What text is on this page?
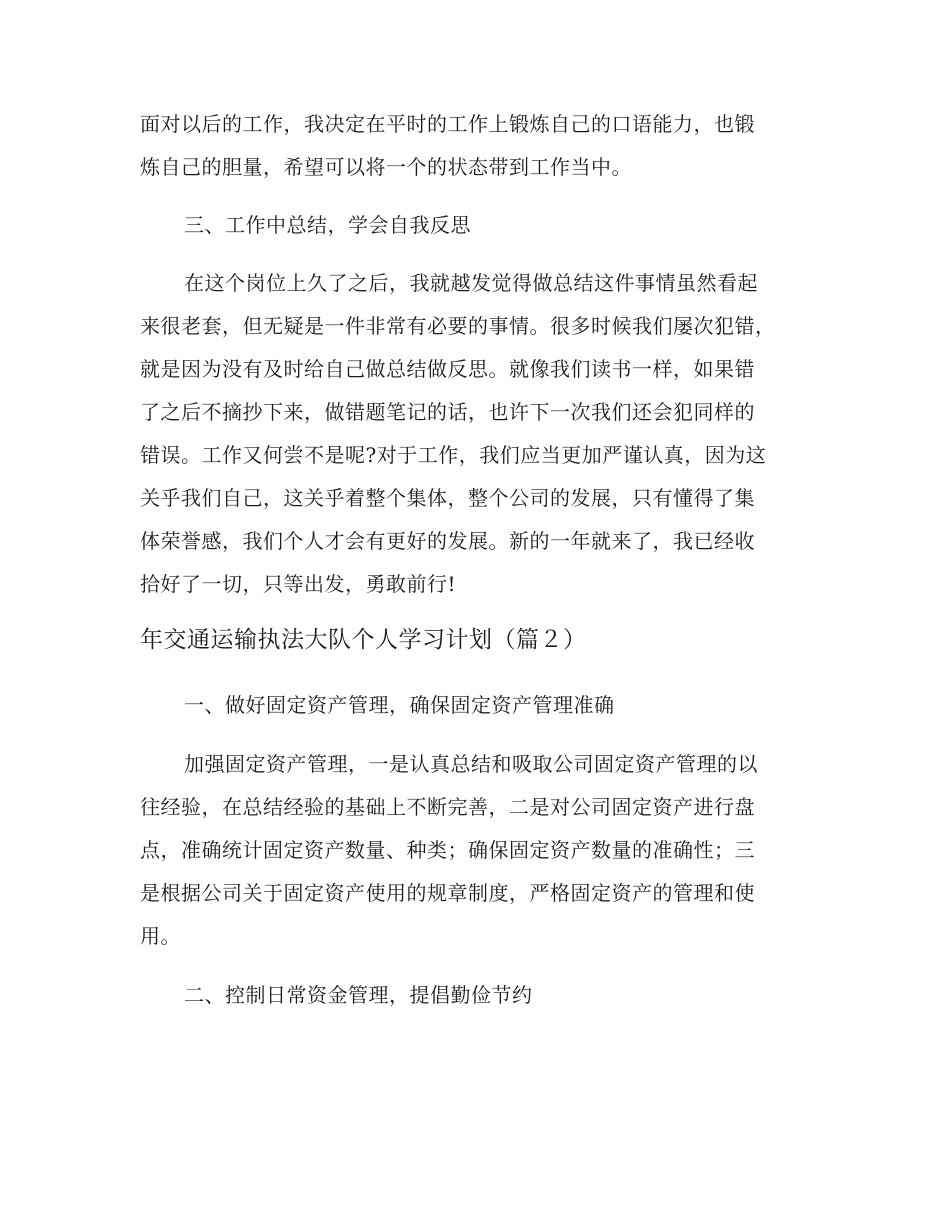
面对以后的工作，我决定在平时的工作上锻炼自己的口语能力，也锻
炼自己的胆量，希望可以将一个的状态带到工作当中。
三、工作中总结，学会自我反思
在这个岗位上久了之后，我就越发觉得做总结这件事情虽然看起
来很老套，但无疑是一件非常有必要的事情。很多时候我们屡次犯错，
就是因为没有及时给自己做总结做反思。就像我们读书一样，如果错
了之后不摘抄下来，做错题笔记的话，也许下一次我们还会犯同样的
错误。工作又何尝不是呢?对于工作，我们应当更加严谨认真，因为这
关乎我们自己，这关乎着整个集体，整个公司的发展，只有懂得了集
体荣誉感，我们个人才会有更好的发展。新的一年就来了，我已经收
拾好了一切，只等出发，勇敢前行!
年交通运输执法大队个人学习计划（篇２）
一、做好固定资产管理，确保固定资产管理准确
加强固定资产管理，一是认真总结和吸取公司固定资产管理的以
往经验，在总结经验的基础上不断完善，二是对公司固定资产进行盘
点，准确统计固定资产数量、种类；确保固定资产数量的准确性；三
是根据公司关于固定资产使用的规章制度，严格固定资产的管理和使
用。
二、控制日常资金管理，提倡勤俭节约
